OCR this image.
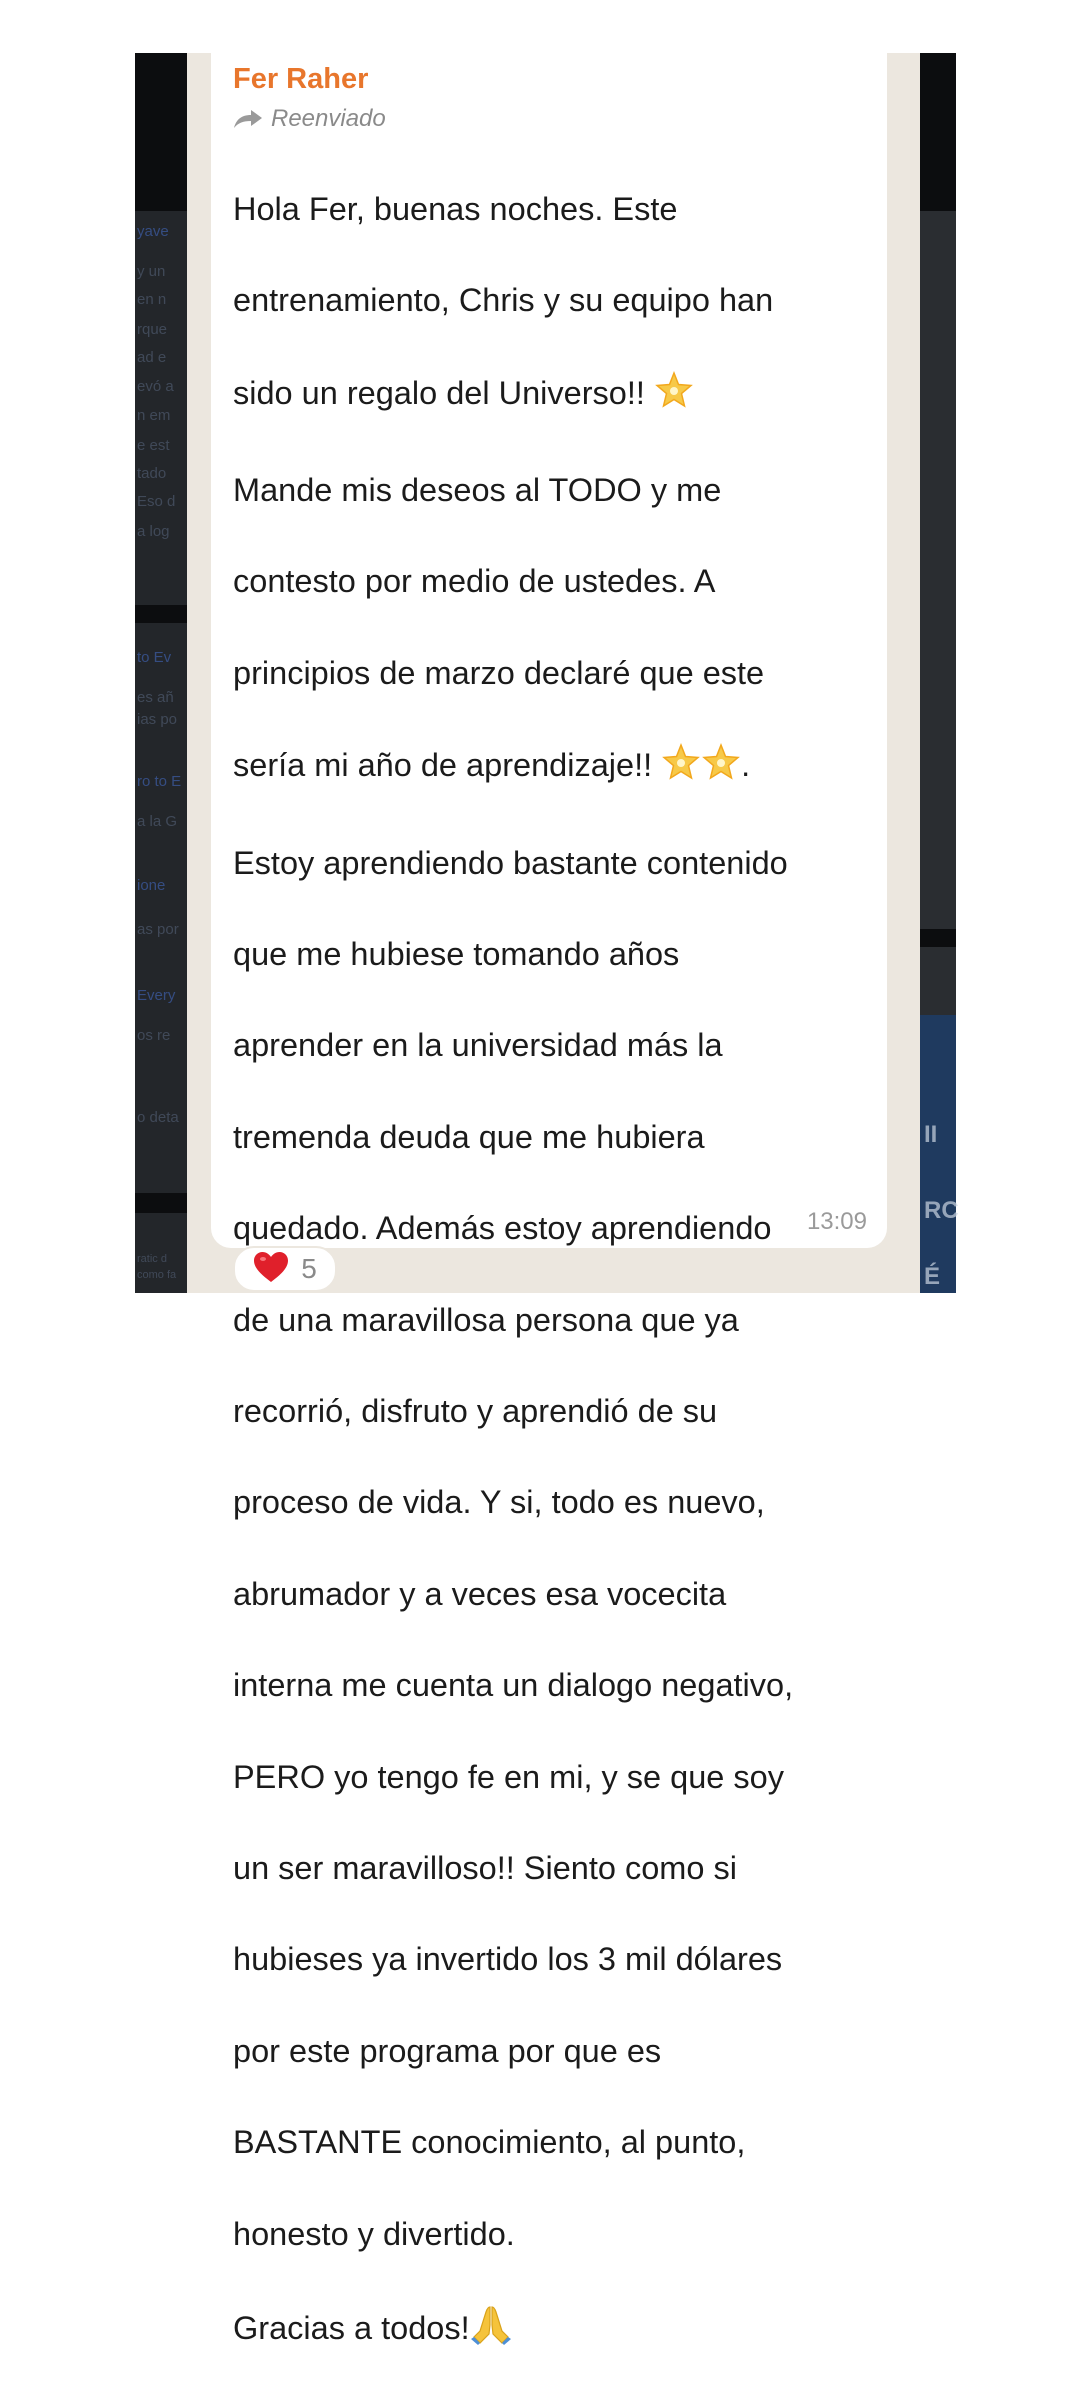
yave
y un
en n
rque
ad e
evó a
n em
e est
tado
Eso d
a log
to Ev
es añ
ias po
ro to E
a la G
ione
as por
Every
os re
o deta
ratic d
como fa
II
RC
É
Fer Raher
Reenviado

Hola Fer, buenas noches. Este

entrenamiento, Chris y su equipo han

sido un regalo del Universo!!

Mande mis deseos al TODO y me

contesto por medio de ustedes. A

principios de marzo declaré que este

sería mi año de aprendizaje!!	.

Estoy aprendiendo bastante contenido

que me hubiese tomando años

aprender en la universidad más la

tremenda deuda que me hubiera

quedado. Además estoy aprendiendo

de una maravillosa persona que ya

recorrió, disfruto y aprendió de su

proceso de vida. Y si, todo es nuevo,

abrumador y a veces esa vocecita

interna me cuenta un dialogo negativo,

PERO yo tengo fe en mi, y se que soy

un ser maravilloso!! Siento como si

hubieses ya invertido los 3 mil dólares

por este programa por que es

BASTANTE conocimiento, al punto,

honesto y divertido.

Gracias a todos!

13:09
5
